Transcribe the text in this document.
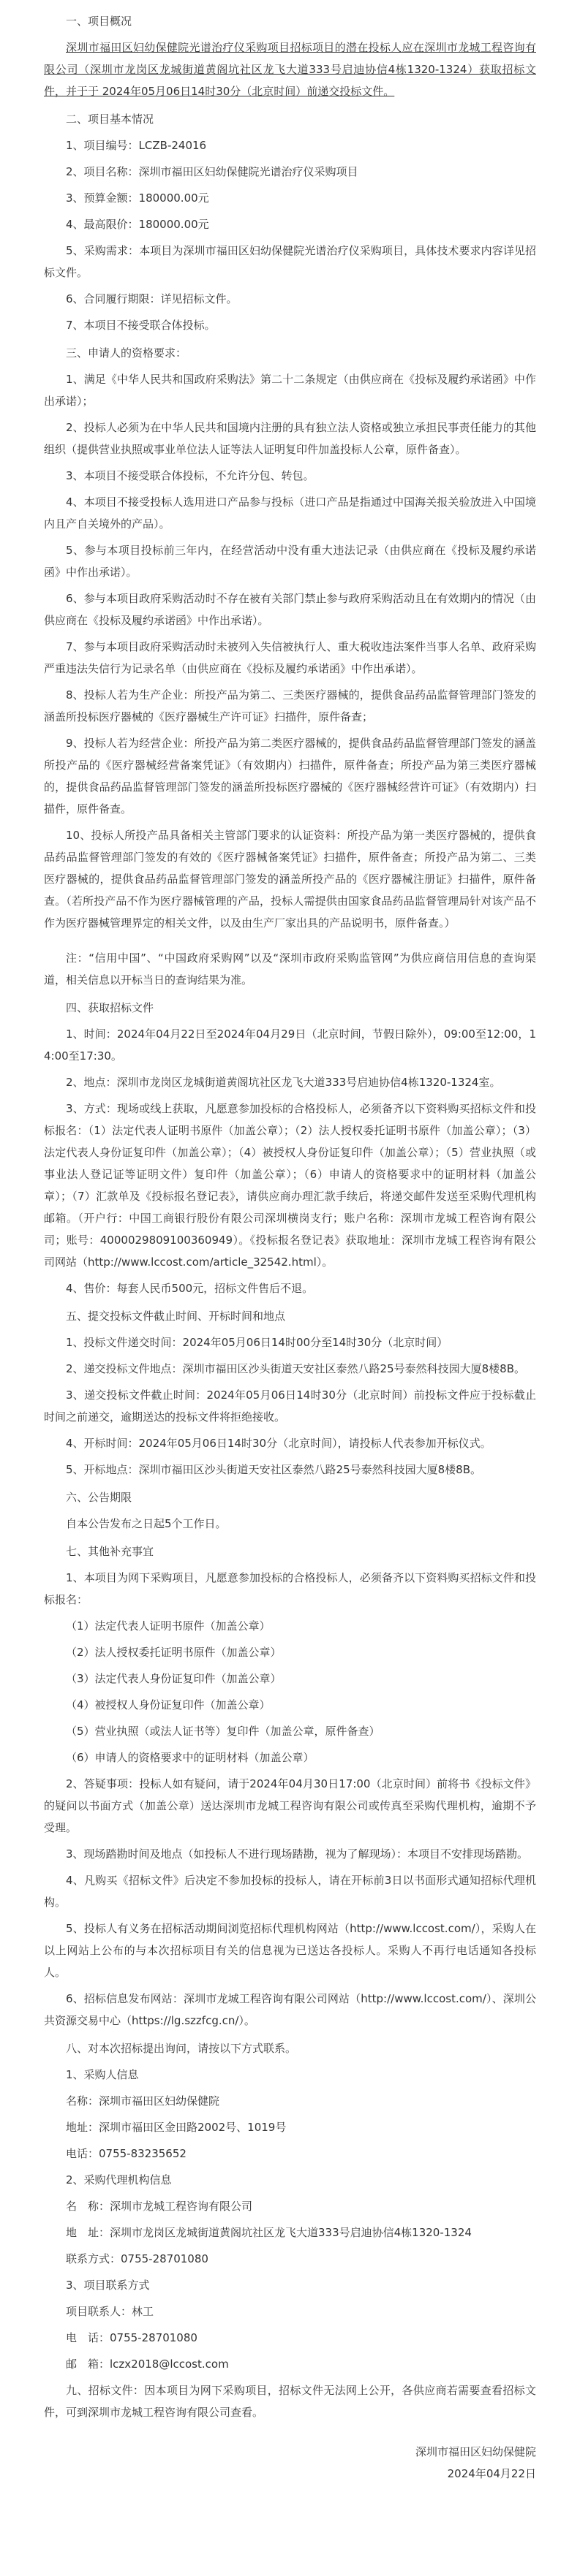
一、项目概况
深圳市福田区妇幼保健院光谱治疗仪采购项目招标项目的潜在投标人应在深圳市龙城工程咨询有限公司（深圳市龙岗区龙城街道黄阁坑社区龙飞大道333号启迪协信4栋1320-1324）获取招标文件，并于于 2024年05月06日14时30分（北京时间）前递交投标文件。
二、项目基本情况
1、项目编号：LCZB-24016
2、项目名称：深圳市福田区妇幼保健院光谱治疗仪采购项目
3、预算金额：180000.00元
4、最高限价：180000.00元
5、采购需求：本项目为深圳市福田区妇幼保健院光谱治疗仪采购项目，具体技术要求内容详见招标文件。
6、合同履行期限：详见招标文件。
7、本项目不接受联合体投标。
三、申请人的资格要求：
1、满足《中华人民共和国政府采购法》第二十二条规定（由供应商在《投标及履约承诺函》中作出承诺）；
2、投标人必须为在中华人民共和国境内注册的具有独立法人资格或独立承担民事责任能力的其他组织（提供营业执照或事业单位法人证等法人证明复印件加盖投标人公章，原件备查）。
3、本项目不接受联合体投标，不允许分包、转包。
4、本项目不接受投标人选用进口产品参与投标（进口产品是指通过中国海关报关验放进入中国境内且产自关境外的产品）。
5、参与本项目投标前三年内，在经营活动中没有重大违法记录（由供应商在《投标及履约承诺函》中作出承诺）。
6、参与本项目政府采购活动时不存在被有关部门禁止参与政府采购活动且在有效期内的情况（由供应商在《投标及履约承诺函》中作出承诺）。
7、参与本项目政府采购活动时未被列入失信被执行人、重大税收违法案件当事人名单、政府采购严重违法失信行为记录名单（由供应商在《投标及履约承诺函》中作出承诺）。
8、投标人若为生产企业：所投产品为第二、三类医疗器械的，提供食品药品监督管理部门签发的涵盖所投标医疗器械的《医疗器械生产许可证》扫描件，原件备查；
9、投标人若为经营企业：所投产品为第二类医疗器械的，提供食品药品监督管理部门签发的涵盖所投产品的《医疗器械经营备案凭证》（有效期内）扫描件，原件备查；所投产品为第三类医疗器械的，提供食品药品监督管理部门签发的涵盖所投标医疗器械的《医疗器械经营许可证》（有效期内）扫描件，原件备查。
10、投标人所投产品具备相关主管部门要求的认证资料：所投产品为第一类医疗器械的，提供食品药品监督管理部门签发的有效的《医疗器械备案凭证》扫描件，原件备查；所投产品为第二、三类医疗器械的，提供食品药品监督管理部门签发的涵盖所投产品的《医疗器械注册证》扫描件，原件备查。（若所投产品不作为医疗器械管理的产品，投标人需提供由国家食品药品监督管理局针对该产品不作为医疗器械管理界定的相关文件，以及由生产厂家出具的产品说明书，原件备查。）
注：“信用中国”、“中国政府采购网”以及“深圳市政府采购监管网”为供应商信用信息的查询渠道，相关信息以开标当日的查询结果为准。
四、获取招标文件
1、时间：2024年04月22日至2024年04月29日（北京时间，节假日除外），09:00至12:00，14:00至17:30。
2、地点：深圳市龙岗区龙城街道黄阁坑社区龙飞大道333号启迪协信4栋1320-1324室。
3、方式：现场或线上获取，凡愿意参加投标的合格投标人，必须备齐以下资料购买招标文件和投标报名：（1）法定代表人证明书原件（加盖公章）；（2）法人授权委托证明书原件（加盖公章）；（3）法定代表人身份证复印件（加盖公章）；（4）被授权人身份证复印件（加盖公章）；（5）营业执照（或事业法人登记证等证明文件）复印件（加盖公章）；（6）申请人的资格要求中的证明材料（加盖公章）；（7）汇款单及《投标报名登记表》，请供应商办理汇款手续后，将递交邮件发送至采购代理机构邮箱。（开户行：中国工商银行股份有限公司深圳横岗支行；账户名称：深圳市龙城工程咨询有限公司；账号：4000029809100360949）。《投标报名登记表》获取地址：深圳市龙城工程咨询有限公司网站（http://www.lccost.com/article_32542.html）。
4、售价：每套人民币500元，招标文件售后不退。
五、提交投标文件截止时间、开标时间和地点
1、投标文件递交时间：2024年05月06日14时00分至14时30分（北京时间）
2、递交投标文件地点：深圳市福田区沙头街道天安社区泰然八路25号泰然科技园大厦8楼8B。
3、递交投标文件截止时间：2024年05月06日14时30分（北京时间）前投标文件应于投标截止时间之前递交，逾期送达的投标文件将拒绝接收。
4、开标时间：2024年05月06日14时30分（北京时间），请投标人代表参加开标仪式。
5、开标地点：深圳市福田区沙头街道天安社区泰然八路25号泰然科技园大厦8楼8B。
六、公告期限
自本公告发布之日起5个工作日。
七、其他补充事宜
1、本项目为网下采购项目，凡愿意参加投标的合格投标人，必须备齐以下资料购买招标文件和投标报名：
（1）法定代表人证明书原件（加盖公章）
（2）法人授权委托证明书原件（加盖公章）
（3）法定代表人身份证复印件（加盖公章）
（4）被授权人身份证复印件（加盖公章）
（5）营业执照（或法人证书等）复印件（加盖公章，原件备查）
（6）申请人的资格要求中的证明材料（加盖公章）
2、答疑事项：投标人如有疑问，请于2024年04月30日17:00（北京时间）前将书《投标文件》的疑问以书面方式（加盖公章）送达深圳市龙城工程咨询有限公司或传真至采购代理机构，逾期不予受理。
3、现场踏勘时间及地点（如投标人不进行现场踏勘，视为了解现场）：本项目不安排现场踏勘。
4、凡购买《招标文件》后决定不参加投标的投标人，请在开标前3日以书面形式通知招标代理机构。
5、投标人有义务在招标活动期间浏览招标代理机构网站（http://www.lccost.com/），采购人在以上网站上公布的与本次招标项目有关的信息视为已送达各投标人。采购人不再行电话通知各投标人。
6、招标信息发布网站：深圳市龙城工程咨询有限公司网站（http://www.lccost.com/）、深圳公共资源交易中心（https://lg.szzfcg.cn/）。
八、对本次招标提出询问，请按以下方式联系。
1、采购人信息
名称：深圳市福田区妇幼保健院
地址：深圳市福田区金田路2002号、1019号
电话：0755-83235652
2、采购代理机构信息
名　称：深圳市龙城工程咨询有限公司
地　址：深圳市龙岗区龙城街道黄阁坑社区龙飞大道333号启迪协信4栋1320-1324
联系方式：0755-28701080
3、项目联系方式
项目联系人：林工
电　话：0755-28701080
邮　箱：lczx2018@lccost.com
九、招标文件：因本项目为网下采购项目，招标文件无法网上公开，各供应商若需要查看招标文件，可到深圳市龙城工程咨询有限公司查看。
深圳市福田区妇幼保健院
2024年04月22日
